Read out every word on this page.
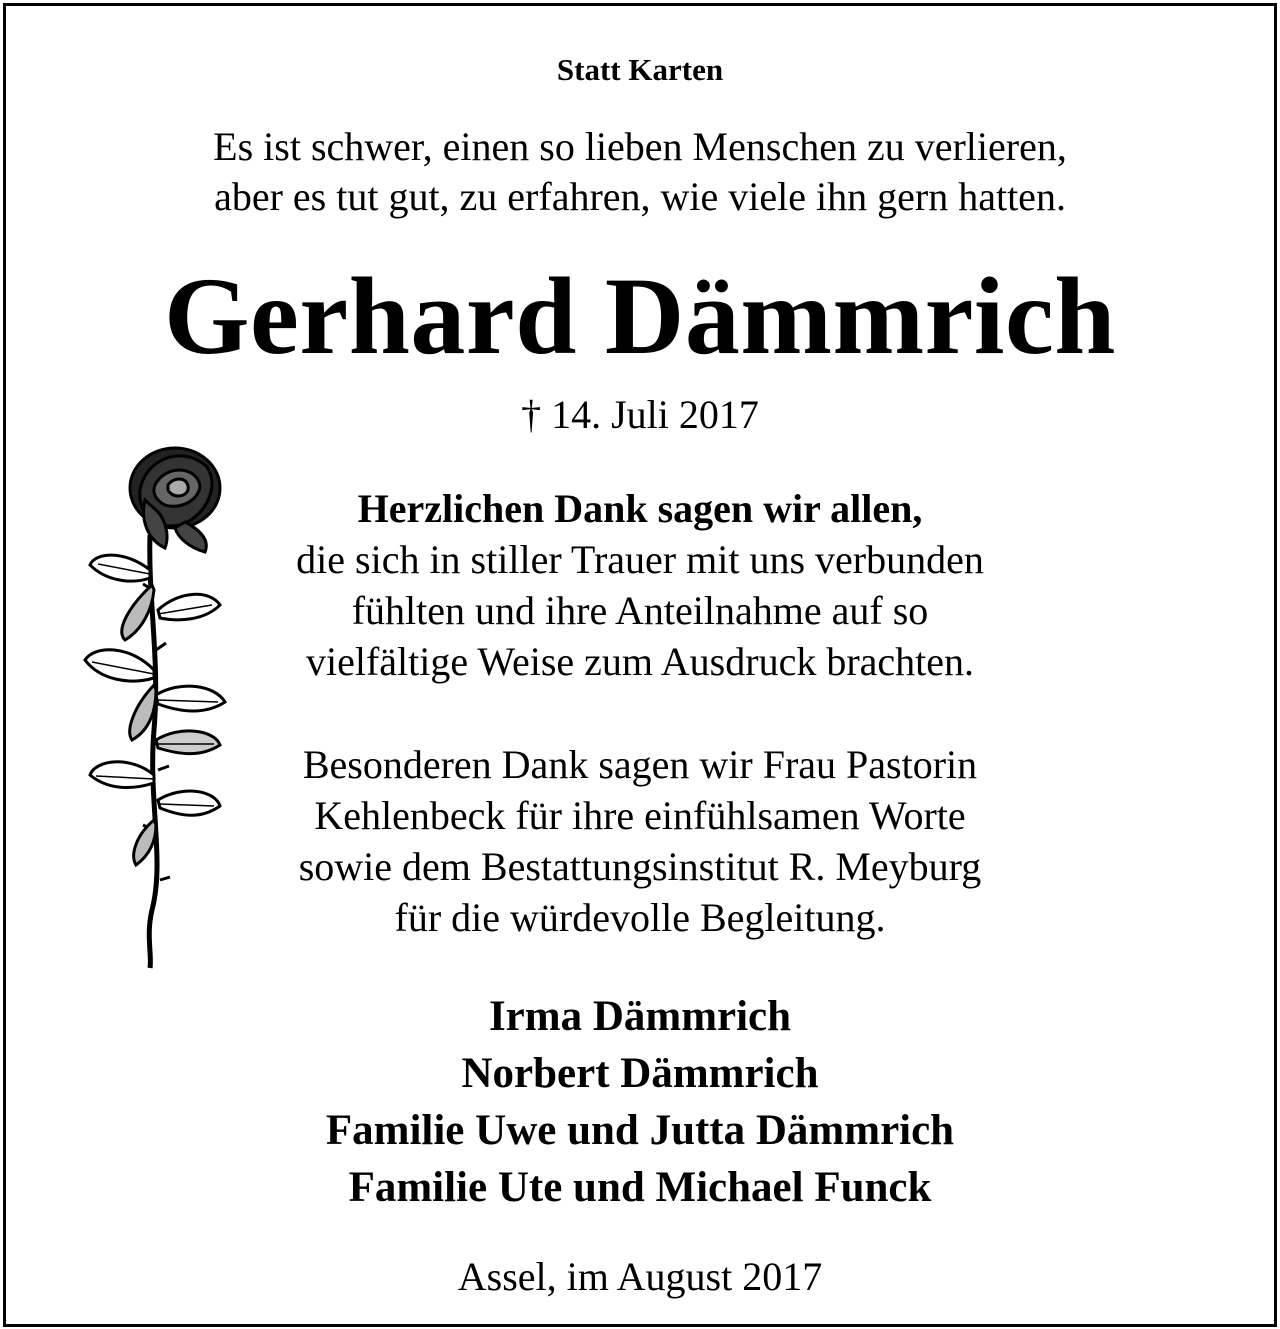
Statt Karten
Es ist schwer, einen so lieben Menschen zu verlieren,
aber es tut gut, zu erfahren, wie viele ihn gern hatten.
Gerhard Dämmrich
† 14. Juli 2017
Herzlichen Dank sagen wir allen,
die sich in stiller Trauer mit uns verbunden
fühlten und ihre Anteilnahme auf so
vielfältige Weise zum Ausdruck brachten.
Besonderen Dank sagen wir Frau Pastorin
Kehlenbeck für ihre einfühlsamen Worte
sowie dem Bestattungsinstitut R. Meyburg
für die würdevolle Begleitung.
Irma Dämmrich
Norbert Dämmrich
Familie Uwe und Jutta Dämmrich
Familie Ute und Michael Funck
Assel, im August 2017
